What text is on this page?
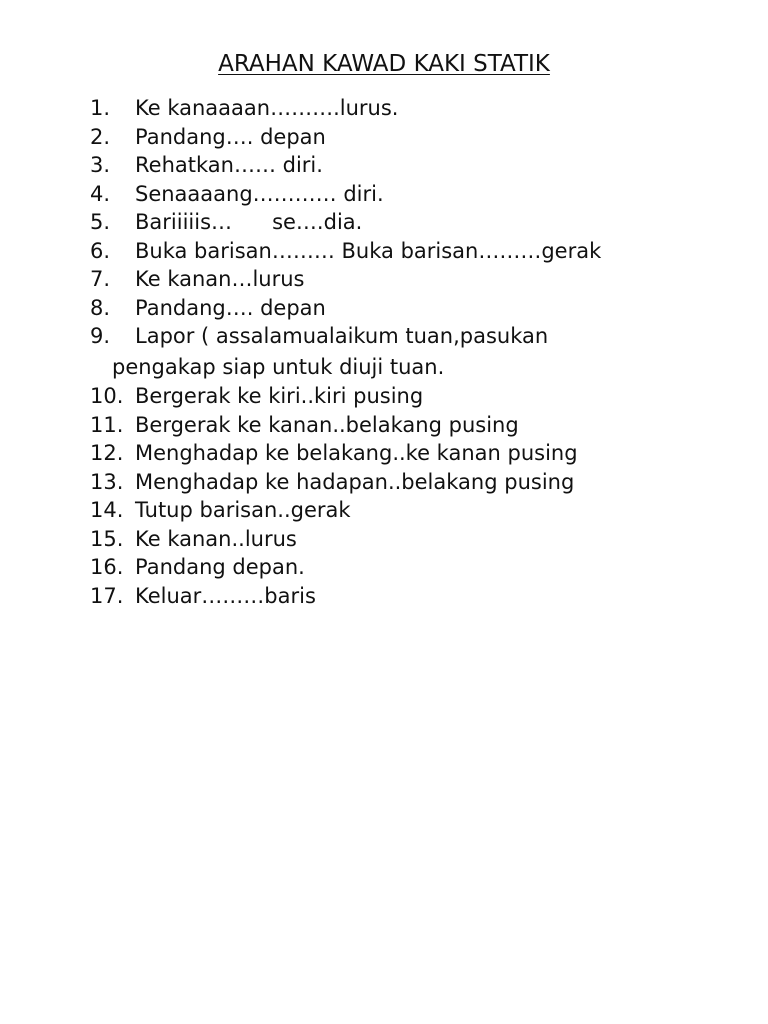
ARAHAN KAWAD KAKI STATIK
1.	Ke kanaaaan……….lurus.
2.	Pandang…. depan
3.	Rehatkan…… diri.
4.	Senaaaang………… diri.
5.	Bariiiiis…      se….dia.
6.	Buka barisan……… Buka barisan………gerak
7.	Ke kanan…lurus
8.	Pandang…. depan
9.	Lapor ( assalamualaikum tuan,pasukan
pengakap siap untuk diuji tuan.
10. Bergerak ke kiri..kiri pusing
11. Bergerak ke kanan..belakang pusing
12. Menghadap ke belakang..ke kanan pusing
13. Menghadap ke hadapan..belakang pusing
14. Tutup barisan..gerak
15. Ke kanan..lurus
16. Pandang depan.
17. Keluar………baris
